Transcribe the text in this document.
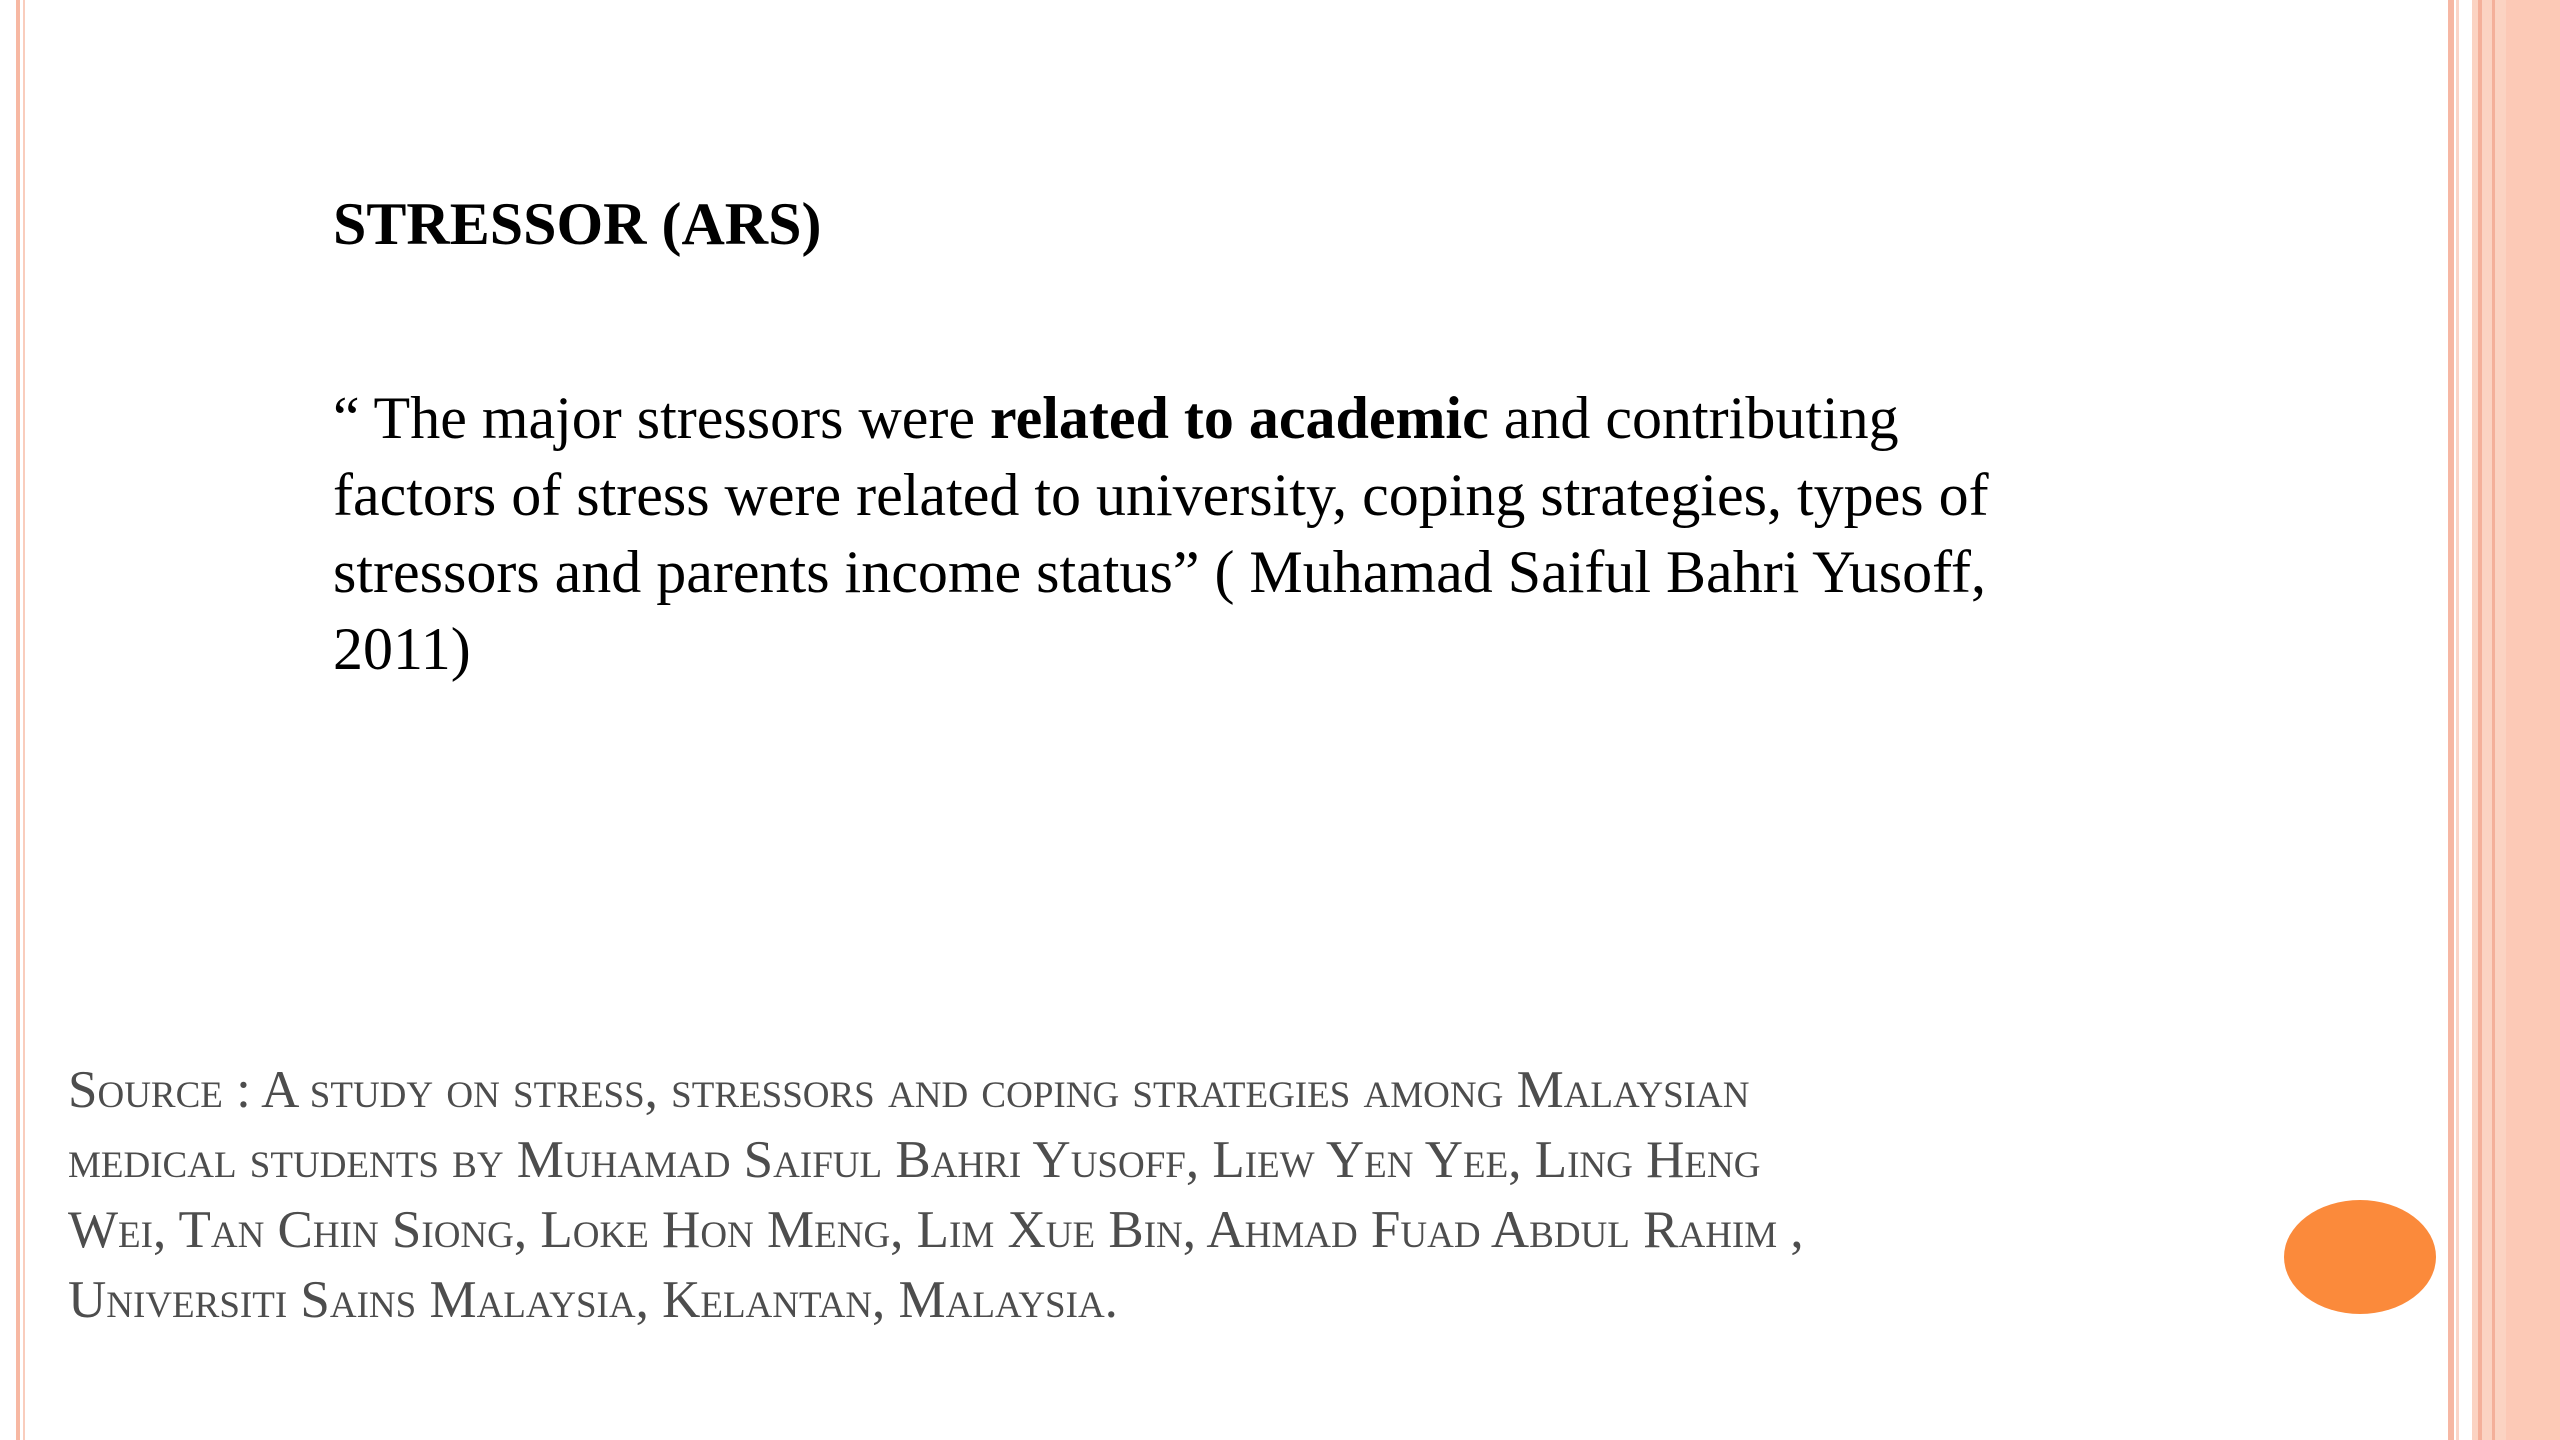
STRESSOR (ARS)
“ The major stressors were related to academic and contributing factors of stress were related to university, coping strategies, types of stressors and parents income status” ( Muhamad Saiful Bahri Yusoff, 2011)
Source : A study on stress, stressors and coping strategies among Malaysian medical students by Muhamad Saiful Bahri Yusoff, Liew Yen Yee, Ling Heng Wei, Tan Chin Siong, Loke Hon Meng, Lim Xue Bin, Ahmad Fuad Abdul Rahim , Universiti Sains Malaysia, Kelantan, Malaysia.
